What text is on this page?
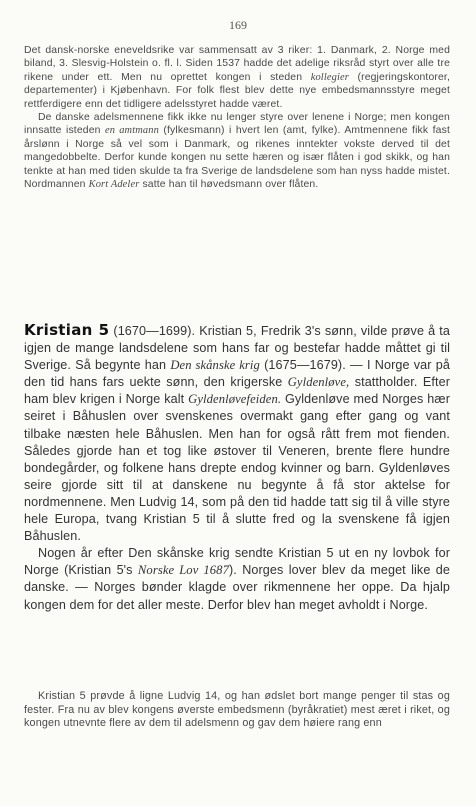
169

Det dansk-norske eneveldsrike var sammensatt av 3 riker: 1. Danmark, 2. Norge med biland, 3. Slesvig-Holstein o. fl. l. Siden 1537 hadde det adelige riksråd styrt over alle tre rikene under ett. Men nu oprettet kongen i steden kollegier (regjeringskontorer, departementer) i Kjøbenhavn. For folk flest blev dette nye embedsmannsstyre meget rettferdigere enn det tidligere adelsstyret hadde været.

De danske adelsmennene fikk ikke nu lenger styre over lenene i Norge; men kongen innsatte isteden en amtmann (fylkesmann) i hvert len (amt, fylke). Amtmennene fikk fast årslønn i Norge så vel som i Danmark, og rikenes inntekter vokste derved til det mangedobbelte. Derfor kunde kongen nu sette hæren og især flåten i god skikk, og han tenkte at han med tiden skulde ta fra Sverige de landsdelene som han nyss hadde mistet. Nordmannen Kort Adeler satte han til høvedsmann over flåten.

Kristian 5 (1670—1699). Kristian 5, Fredrik 3's sønn, vilde prøve å ta igjen de mange landsdelene som hans far og bestefar hadde måttet gi til Sverige. Så begynte han Den skånske krig (1675—1679). — I Norge var på den tid hans fars uekte sønn, den krigerske Gyldenløve, stattholder. Efter ham blev krigen i Norge kalt Gyldenløvefeiden. Gyldenløve med Norges hær seiret i Båhuslen over svenskenes overmakt gang efter gang og vant tilbake næsten hele Båhuslen. Men han for også rått frem mot fienden. Således gjorde han et tog like østover til Veneren, brente flere hundre bondegårder, og folkene hans drepte endog kvinner og barn. Gyldenløves seire gjorde sitt til at danskene nu begynte å få stor aktelse for nordmennene. Men Ludvig 14, som på den tid hadde tatt sig til å ville styre hele Europa, tvang Kristian 5 til å slutte fred og la svenskene få igjen Båhuslen.

Nogen år efter Den skånske krig sendte Kristian 5 ut en ny lovbok for Norge (Kristian 5's Norske Lov 1687). Norges lover blev da meget like de danske. — Norges bønder klagde over rikmennene her oppe. Da hjalp kongen dem for det aller meste. Derfor blev han meget avholdt i Norge.

Kristian 5 prøvde å ligne Ludvig 14, og han ødslet bort mange penger til stas og fester. Fra nu av blev kongens øverste embedsmenn (byråkratiet) mest æret i riket, og kongen utnevnte flere av dem til adelsmenn og gav dem høiere rang enn
